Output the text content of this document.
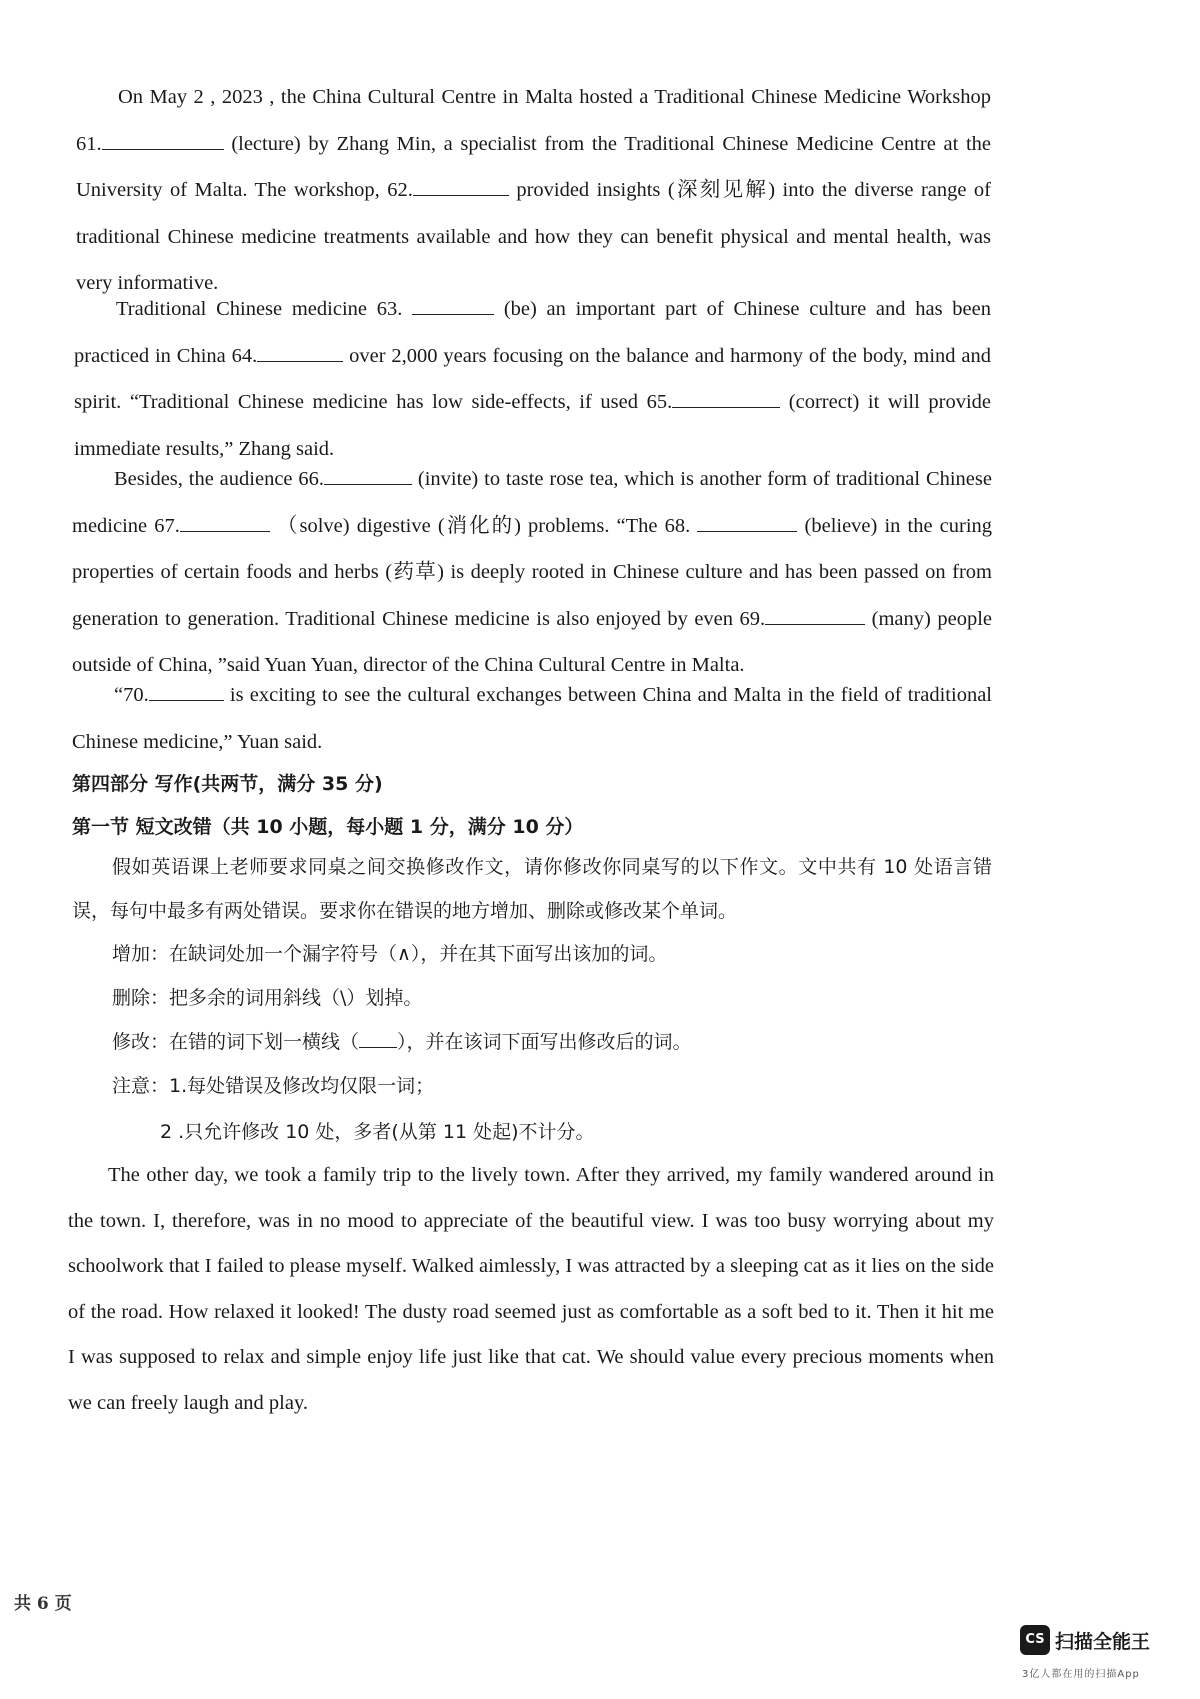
On May 2 , 2023 , the China Cultural Centre in Malta hosted a Traditional Chinese Medicine Workshop 61.	(lecture) by Zhang Min, a specialist from the Traditional Chinese Medicine Centre at the University of Malta. The workshop, 62.	provided insights (深刻见解) into the diverse range of traditional Chinese medicine treatments available and how they can benefit physical and mental health, was very informative.

Traditional Chinese medicine 63.	(be) an important part of Chinese culture and has been practiced in China 64.	over 2,000 years focusing on the balance and harmony of the body, mind and spirit. “Traditional Chinese medicine has low side-effects, if used 65.	(correct) it will provide immediate results,” Zhang said.

Besides, the audience 66.	(invite) to taste rose tea, which is another form of traditional Chinese medicine 67.	（solve) digestive (消化的) problems. “The 68.	(believe) in the curing properties of certain foods and herbs (药草) is deeply rooted in Chinese culture and has been passed on from generation to generation. Traditional Chinese medicine is also enjoyed by even 69.	(many) people outside of China, ”said Yuan Yuan, director of the China Cultural Centre in Malta.

“70.	is exciting to see the cultural exchanges between China and Malta in the field of traditional Chinese medicine,” Yuan said.

第四部分 写作(共两节，满分 35 分)

第一节 短文改错（共 10 小题，每小题 1 分，满分 10 分）

假如英语课上老师要求同桌之间交换修改作文，请你修改你同桌写的以下作文。文中共有 10 处语言错误，每句中最多有两处错误。要求你在错误的地方增加、删除或修改某个单词。

增加：在缺词处加一个漏字符号（∧），并在其下面写出该加的词。

删除：把多余的词用斜线（\）划掉。

修改：在错的词下划一横线（ ），并在该词下面写出修改后的词。

注意：1.每处错误及修改均仅限一词；

2 .只允许修改 10 处，多者(从第 11 处起)不计分。

The other day, we took a family trip to the lively town. After they arrived, my family wandered around in the town. I, therefore, was in no mood to appreciate of the beautiful view. I was too busy worrying about my schoolwork that I failed to please myself. Walked aimlessly, I was attracted by a sleeping cat as it lies on the side of the road. How relaxed it looked! The dusty road seemed just as comfortable as a soft bed to it. Then it hit me I was supposed to relax and simple enjoy life just like that cat. We should value every precious moments when we can freely laugh and play.

共 6 页
CS 扫描全能王
3亿人都在用的扫描App
